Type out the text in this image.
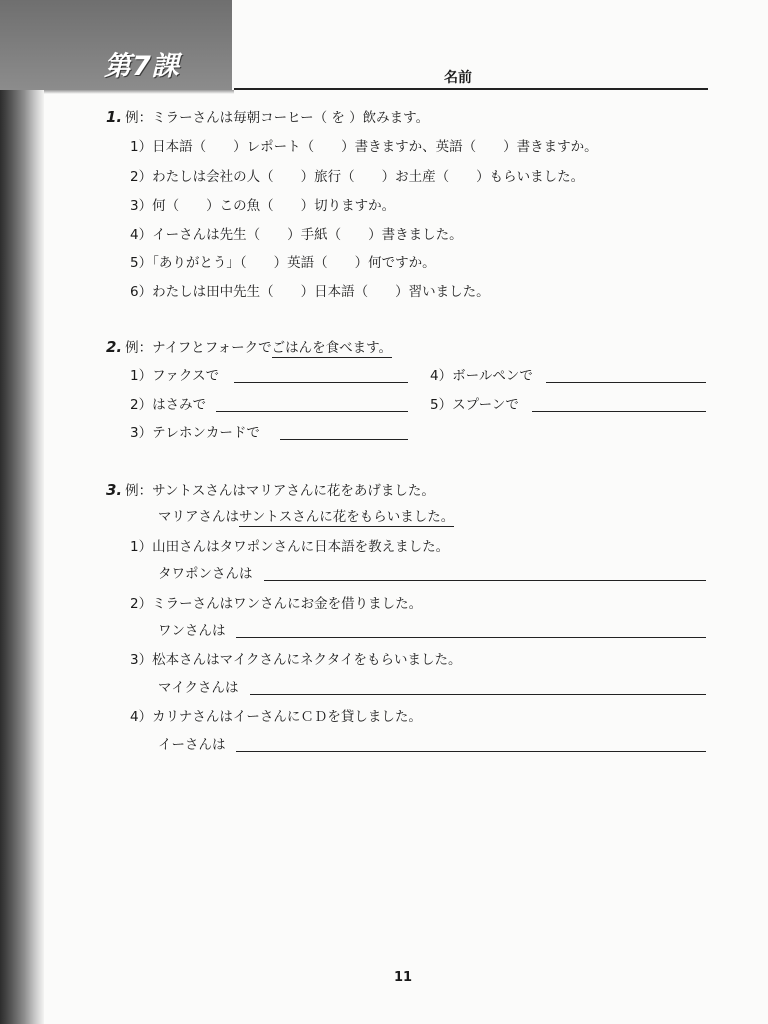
第7課	名前
1. 例：ミラーさんは毎朝コーヒー（ を ）飲みます。
1）日本語（　　）レポート（　　）書きますか、英語（　　）書きますか。
2）わたしは会社の人（　　）旅行（　　）お土産（　　）もらいました。
3）何（　　）この魚（　　）切りますか。
4）イーさんは先生（　　）手紙（　　）書きました。
5）「ありがとう」（　　）英語（　　）何ですか。
6）わたしは田中先生（　　）日本語（　　）習いました。
2. 例：ナイフとフォークでごはんを食べます。
1）ファクスで	4）ボールペンで
2）はさみで	5）スプーンで
3）テレホンカードで
3. 例：サントスさんはマリアさんに花をあげました。
マリアさんはサントスさんに花をもらいました。
1）山田さんはタワポンさんに日本語を教えました。
タワポンさんは
2）ミラーさんはワンさんにお金を借りました。
ワンさんは
3）松本さんはマイクさんにネクタイをもらいました。
マイクさんは
4）カリナさんはイーさんにＣＤを貸しました。
イーさんは
11
